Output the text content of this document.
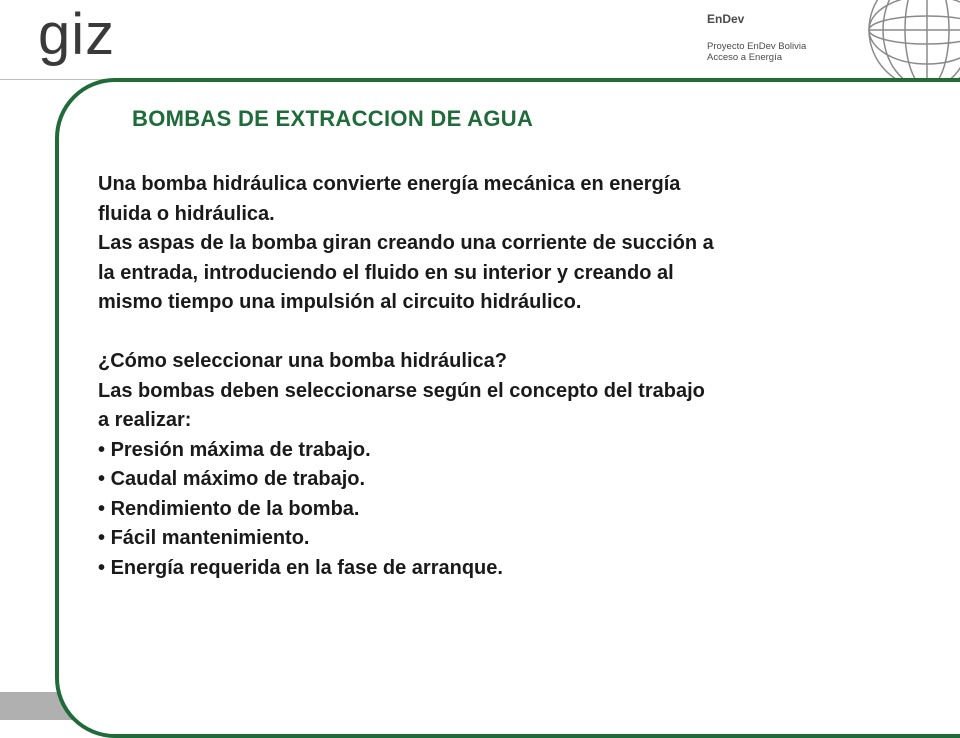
giz	EnDev
Proyecto EnDev Bolivia
Acceso a Energía
BOMBAS DE EXTRACCION DE AGUA

Una bomba hidráulica convierte energía mecánica en energía

fluida o hidráulica.

Las aspas de la bomba giran creando una corriente de succión a

la entrada, introduciendo el fluido en su interior y creando al

mismo tiempo una impulsión al circuito hidráulico.

¿Cómo seleccionar una bomba hidráulica?

Las bombas deben seleccionarse según el concepto del trabajo

a realizar:

• Presión máxima de trabajo.

• Caudal máximo de trabajo.

• Rendimiento de la bomba.

• Fácil mantenimiento.

• Energía requerida en la fase de arranque.
